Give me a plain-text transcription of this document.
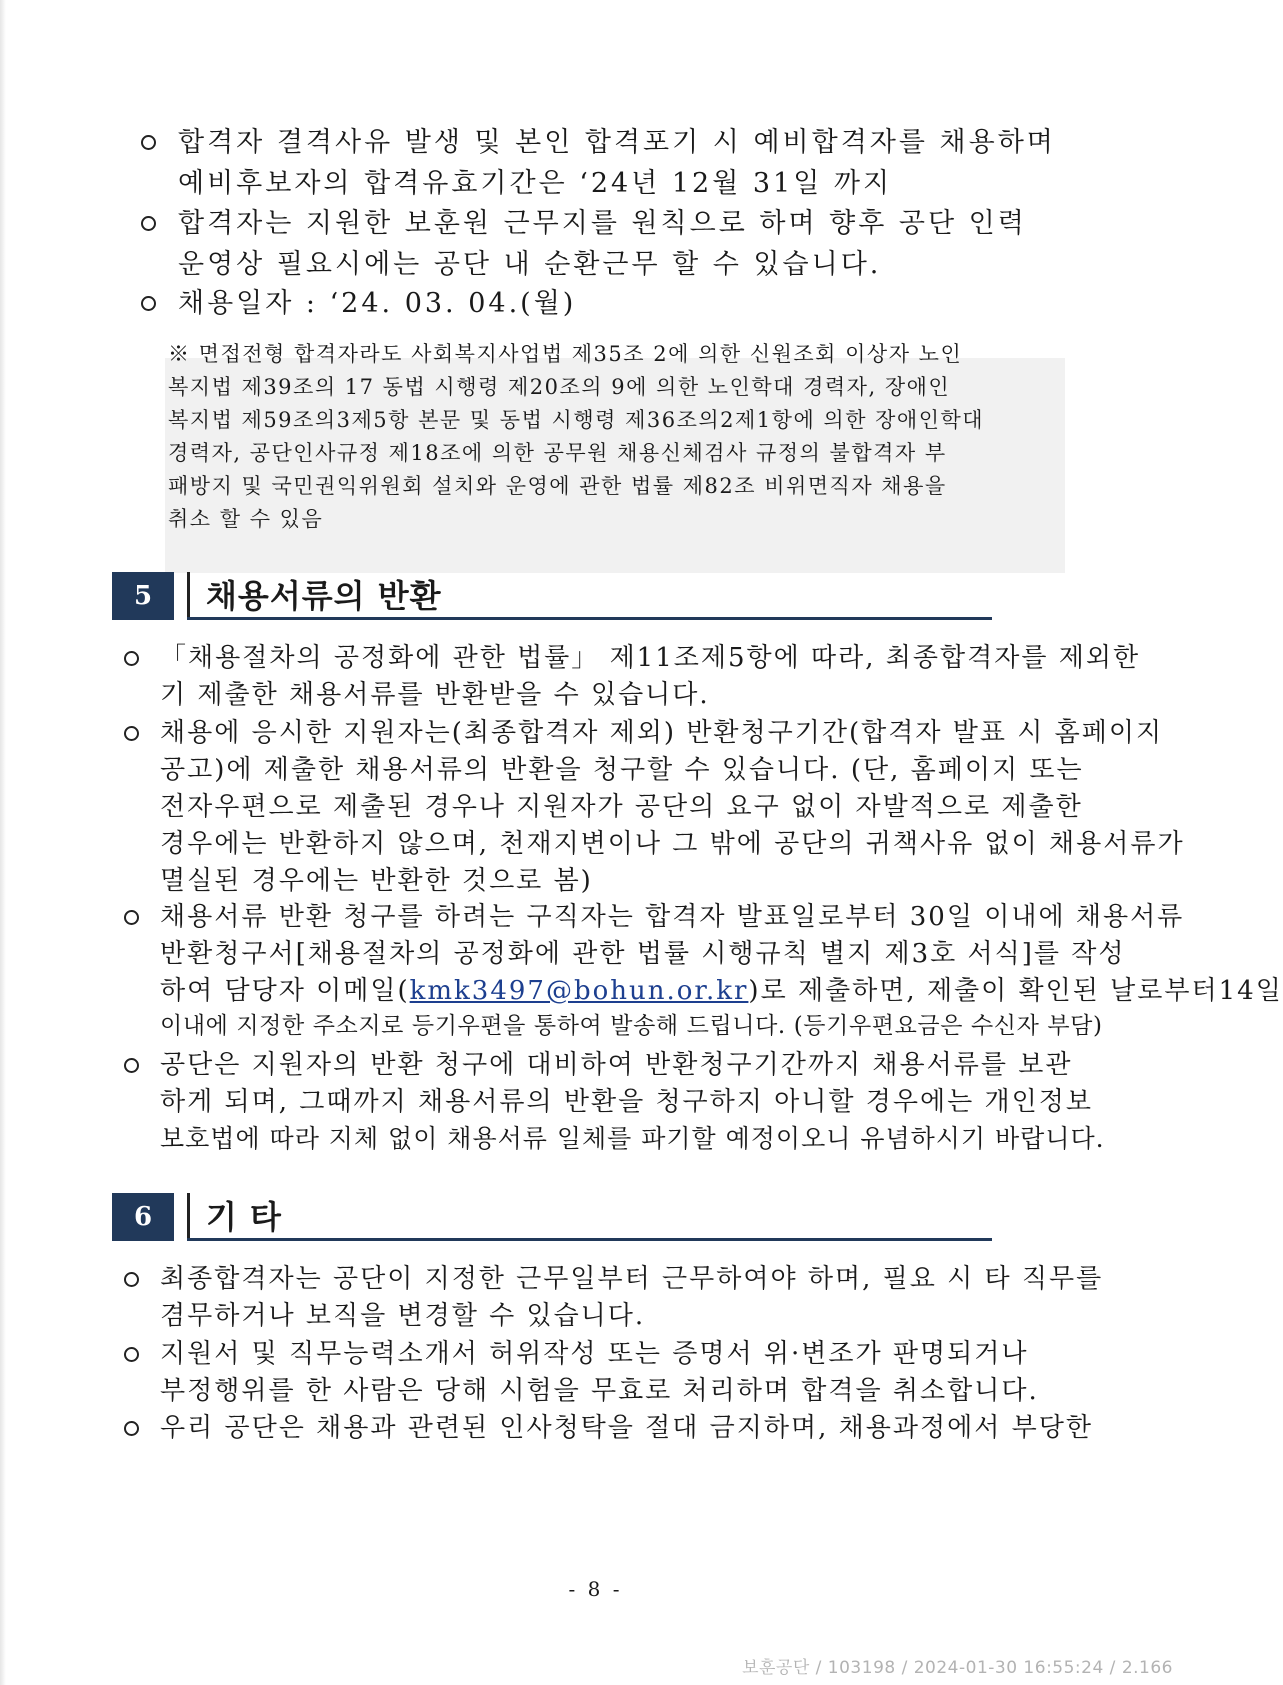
합격자 결격사유 발생 및 본인 합격포기 시 예비합격자를 채용하며
예비후보자의 합격유효기간은 ‘24년 12월 31일 까지
합격자는 지원한 보훈원 근무지를 원칙으로 하며 향후 공단 인력
운영상 필요시에는 공단 내 순환근무 할 수 있습니다.
채용일자 : ‘24. 03. 04.(월)
※ 면접전형 합격자라도 사회복지사업법 제35조 2에 의한 신원조회 이상자 노인
복지법 제39조의 17 동법 시행령 제20조의 9에 의한 노인학대 경력자, 장애인
복지법 제59조의3제5항 본문 및 동법 시행령 제36조의2제1항에 의한 장애인학대
경력자, 공단인사규정 제18조에 의한 공무원 채용신체검사 규정의 불합격자 부
패방지 및 국민권익위원회 설치와 운영에 관한 법률 제82조 비위면직자 채용을
취소 할 수 있음
5	채용서류의 반환
「채용절차의 공정화에 관한 법률」 제11조제5항에 따라, 최종합격자를 제외한
기 제출한 채용서류를 반환받을 수 있습니다.
채용에 응시한 지원자는(최종합격자 제외) 반환청구기간(합격자 발표 시 홈페이지
공고)에 제출한 채용서류의 반환을 청구할 수 있습니다. (단, 홈페이지 또는
전자우편으로 제출된 경우나 지원자가 공단의 요구 없이 자발적으로 제출한
경우에는 반환하지 않으며, 천재지변이나 그 밖에 공단의 귀책사유 없이 채용서류가
멸실된 경우에는 반환한 것으로 봄)
채용서류 반환 청구를 하려는 구직자는 합격자 발표일로부터 30일 이내에 채용서류
반환청구서[채용절차의 공정화에 관한 법률 시행규칙 별지 제3호 서식]를 작성
하여 담당자 이메일(kmk3497@bohun.or.kr)로 제출하면, 제출이 확인된 날로부터14일
이내에 지정한 주소지로 등기우편을 통하여 발송해 드립니다. (등기우편요금은 수신자 부담)
공단은 지원자의 반환 청구에 대비하여 반환청구기간까지 채용서류를 보관
하게 되며, 그때까지 채용서류의 반환을 청구하지 아니할 경우에는 개인정보
보호법에 따라 지체 없이 채용서류 일체를 파기할 예정이오니 유념하시기 바랍니다.
6	기 타
최종합격자는 공단이 지정한 근무일부터 근무하여야 하며, 필요 시 타 직무를
겸무하거나 보직을 변경할 수 있습니다.
지원서 및 직무능력소개서 허위작성 또는 증명서 위·변조가 판명되거나
부정행위를 한 사람은 당해 시험을 무효로 처리하며 합격을 취소합니다.
우리 공단은 채용과 관련된 인사청탁을 절대 금지하며, 채용과정에서 부당한
- 8 -
보훈공단 / 103198 / 2024-01-30 16:55:24 / 2.166
